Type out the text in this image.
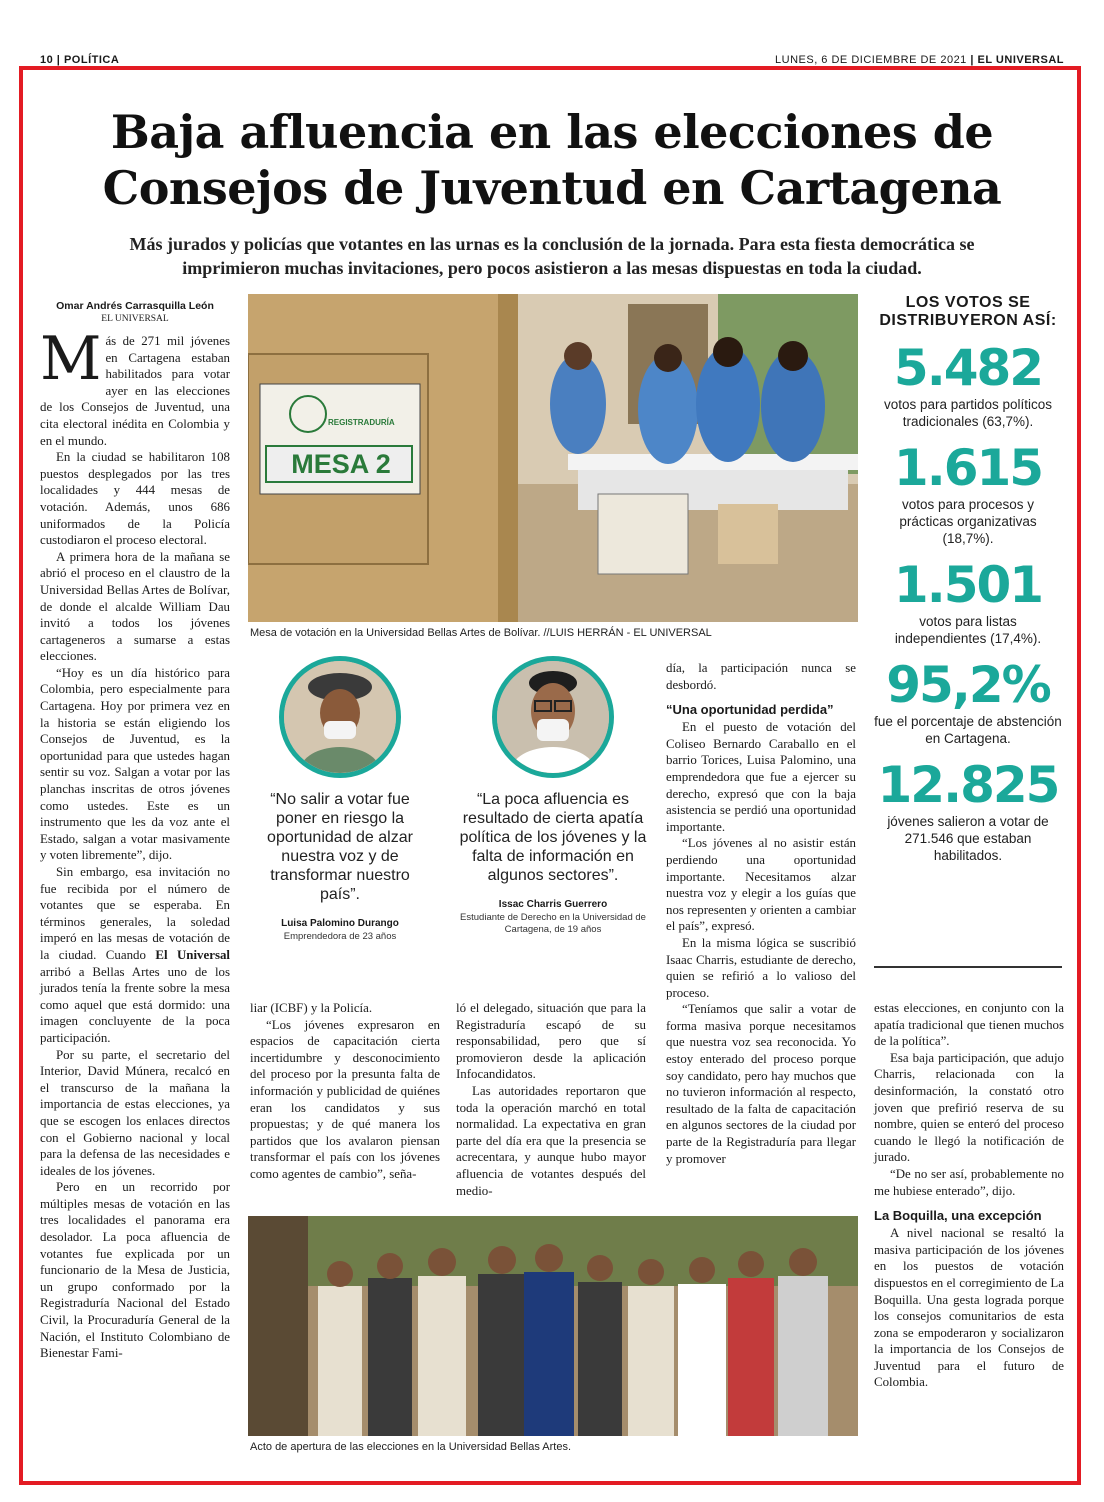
10 | POLÍTICA	LUNES, 6 DE DICIEMBRE DE 2021 | EL UNIVERSAL
Baja afluencia en las elecciones de Consejos de Juventud en Cartagena

Más jurados y policías que votantes en las urnas es la conclusión de la jornada. Para esta fiesta democrática se imprimieron muchas invitaciones, pero pocos asistieron a las mesas dispuestas en toda la ciudad.

Omar Andrés Carrasquilla León
EL UNIVERSAL

Más de 271 mil jóvenes en Cartagena estaban habilitados para votar ayer en las elecciones de los Consejos de Juventud, una cita electoral inédita en Colombia y en el mundo.

En la ciudad se habilitaron 108 puestos desplegados por las tres localidades y 444 mesas de votación. Además, unos 686 uniformados de la Policía custodiaron el proceso electoral.

A primera hora de la mañana se abrió el proceso en el claustro de la Universidad Bellas Artes de Bolívar, de donde el alcalde William Dau invitó a todos los jóvenes cartageneros a sumarse a estas elecciones.

“Hoy es un día histórico para Colombia, pero especialmente para Cartagena. Hoy por primera vez en la historia se están eligiendo los Consejos de Juventud, es la oportunidad para que ustedes hagan sentir su voz. Salgan a votar por las planchas inscritas de otros jóvenes como ustedes. Este es un instrumento que les da voz ante el Estado, salgan a votar masivamente y voten libremente”, dijo.

Sin embargo, esa invitación no fue recibida por el número de votantes que se esperaba. En términos generales, la soledad imperó en las mesas de votación de la ciudad. Cuando El Universal arribó a Bellas Artes uno de los jurados tenía la frente sobre la mesa como aquel que está dormido: una imagen concluyente de la poca participación.

Por su parte, el secretario del Interior, David Múnera, recalcó en el transcurso de la mañana la importancia de estas elecciones, ya que se escogen los enlaces directos con el Gobierno nacional y local para la defensa de las necesidades e ideales de los jóvenes.

Pero en un recorrido por múltiples mesas de votación en las tres localidades el panorama era desolador. La poca afluencia de votantes fue explicada por un funcionario de la Mesa de Justicia, un grupo conformado por la Registraduría Nacional del Estado Civil, la Procuraduría General de la Nación, el Instituto Colombiano de Bienestar Fami-

REGISTRADURÍA
MESA 2
Mesa de votación en la Universidad Bellas Artes de Bolívar. //LUIS HERRÁN - EL UNIVERSAL
“No salir a votar fue poner en riesgo la oportunidad de alzar nuestra voz y de transformar nuestro país”.
Luisa Palomino Durango
Emprendedora de 23 años
“La poca afluencia es resultado de cierta apatía política de los jóvenes y la falta de información en algunos sectores”.
Issac Charris Guerrero
Estudiante de Derecho en la Universidad de Cartagena, de 19 años

liar (ICBF) y la Policía.

“Los jóvenes expresaron en espacios de capacitación cierta incertidumbre y desconocimiento del proceso por la presunta falta de información y publicidad de quiénes eran los candidatos y sus propuestas; y de qué manera los partidos que los avalaron piensan transformar el país con los jóvenes como agentes de cambio”, seña-

ló el delegado, situación que para la Registraduría escapó de su responsabilidad, pero que sí promovieron desde la aplicación Infocandidatos.

Las autoridades reportaron que toda la operación marchó en total normalidad. La expectativa en gran parte del día era que la presencia se acrecentara, y aunque hubo mayor afluencia de votantes después del medio-

día, la participación nunca se desbordó.

“Una oportunidad perdida”

En el puesto de votación del Coliseo Bernardo Caraballo en el barrio Torices, Luisa Palomino, una emprendedora que fue a ejercer su derecho, expresó que con la baja asistencia se perdió una oportunidad importante.

“Los jóvenes al no asistir están perdiendo una oportunidad importante. Necesitamos alzar nuestra voz y elegir a los guías que nos representen y orienten a cambiar el país”, expresó.

En la misma lógica se suscribió Isaac Charris, estudiante de derecho, quien se refirió a lo valioso del proceso.

“Teníamos que salir a votar de forma masiva porque necesitamos que nuestra voz sea reconocida. Yo estoy enterado del proceso porque soy candidato, pero hay muchos que no tuvieron información al respecto, resultado de la falta de capacitación en algunos sectores de la ciudad por parte de la Registraduría para llegar y promover

estas elecciones, en conjunto con la apatía tradicional que tienen muchos de la política”.

Esa baja participación, que adujo Charris, relacionada con la desinformación, la constató otro joven que prefirió reserva de su nombre, quien se enteró del proceso cuando le llegó la notificación de jurado.

“De no ser así, probablemente no me hubiese enterado”, dijo.

La Boquilla, una excepción

A nivel nacional se resaltó la masiva participación de los jóvenes en los puestos de votación dispuestos en el corregimiento de La Boquilla. Una gesta lograda porque los consejos comunitarios de esta zona se empoderaron y socializaron la importancia de los Consejos de Juventud para el futuro de Colombia.

Acto de apertura de las elecciones en la Universidad Bellas Artes.
LOS VOTOS SE DISTRIBUYERON ASÍ:
5.482
votos para partidos políticos tradicionales (63,7%).
1.615
votos para procesos y prácticas organizativas (18,7%).
1.501
votos para listas independientes (17,4%).
95,2%
fue el porcentaje de abstención en Cartagena.
12.825
jóvenes salieron a votar de 271.546 que estaban habilitados.
